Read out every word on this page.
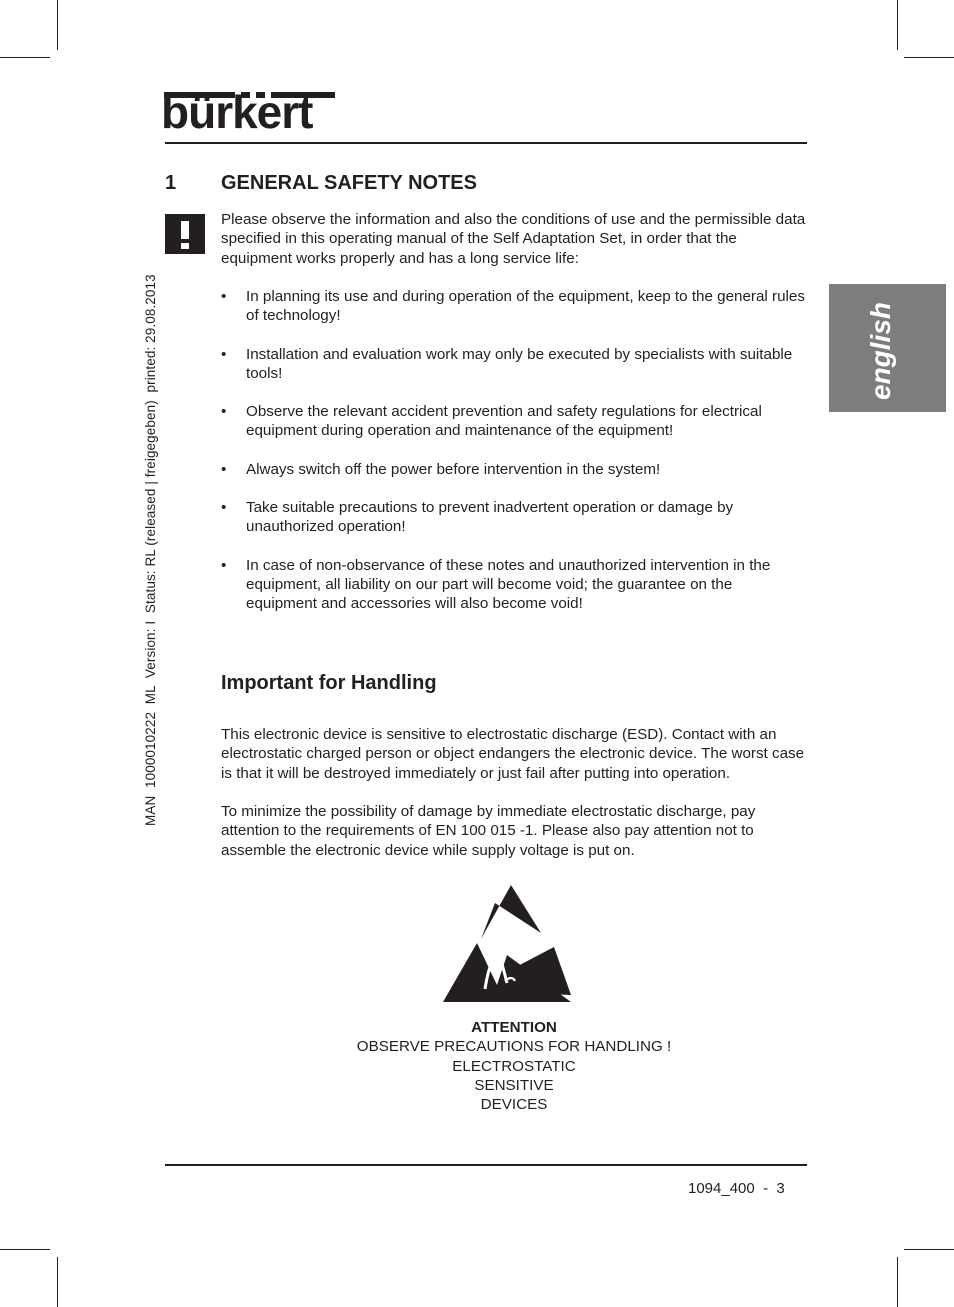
bürkert
MAN  1000010222  ML  Version: I  Status: RL (released | freigegeben)  printed: 29.08.2013	english
1 GENERAL SAFETY NOTES

Please observe the information and also the conditions of use and the permissible data specified in this operating manual of the Self Adaptation Set, in order that the equipment works properly and has a long service life:

• In planning its use and during operation of the equipment, keep to the general rules of technology!
• Installation and evaluation work may only be executed by specialists with suitable tools!
• Observe the relevant accident prevention and safety regulations for electrical equipment during operation and maintenance of the equipment!
• Always switch off the power before intervention in the system!
• Take suitable precautions to prevent inadvertent operation or damage by unauthorized operation!
• In case of non-observance of these notes and unauthorized intervention in the equipment, all liability on our part will become void; the guarantee on the equipment and accessories will also become void!
Important for Handling

This electronic device is sensitive to electrostatic discharge (ESD). Contact with an electrostatic charged person or object endangers the electronic device. The worst case is that it will be destroyed immediately or just fail after putting into operation.

To minimize the possibility of damage by immediate electrostatic discharge, pay attention to the requirements of EN 100 015 -1. Please also pay attention not to assemble the electronic device while supply voltage is put on.

ATTENTION
OBSERVE PRECAUTIONS FOR HANDLING !
ELECTROSTATIC
SENSITIVE
DEVICES
1094_400  -  3
